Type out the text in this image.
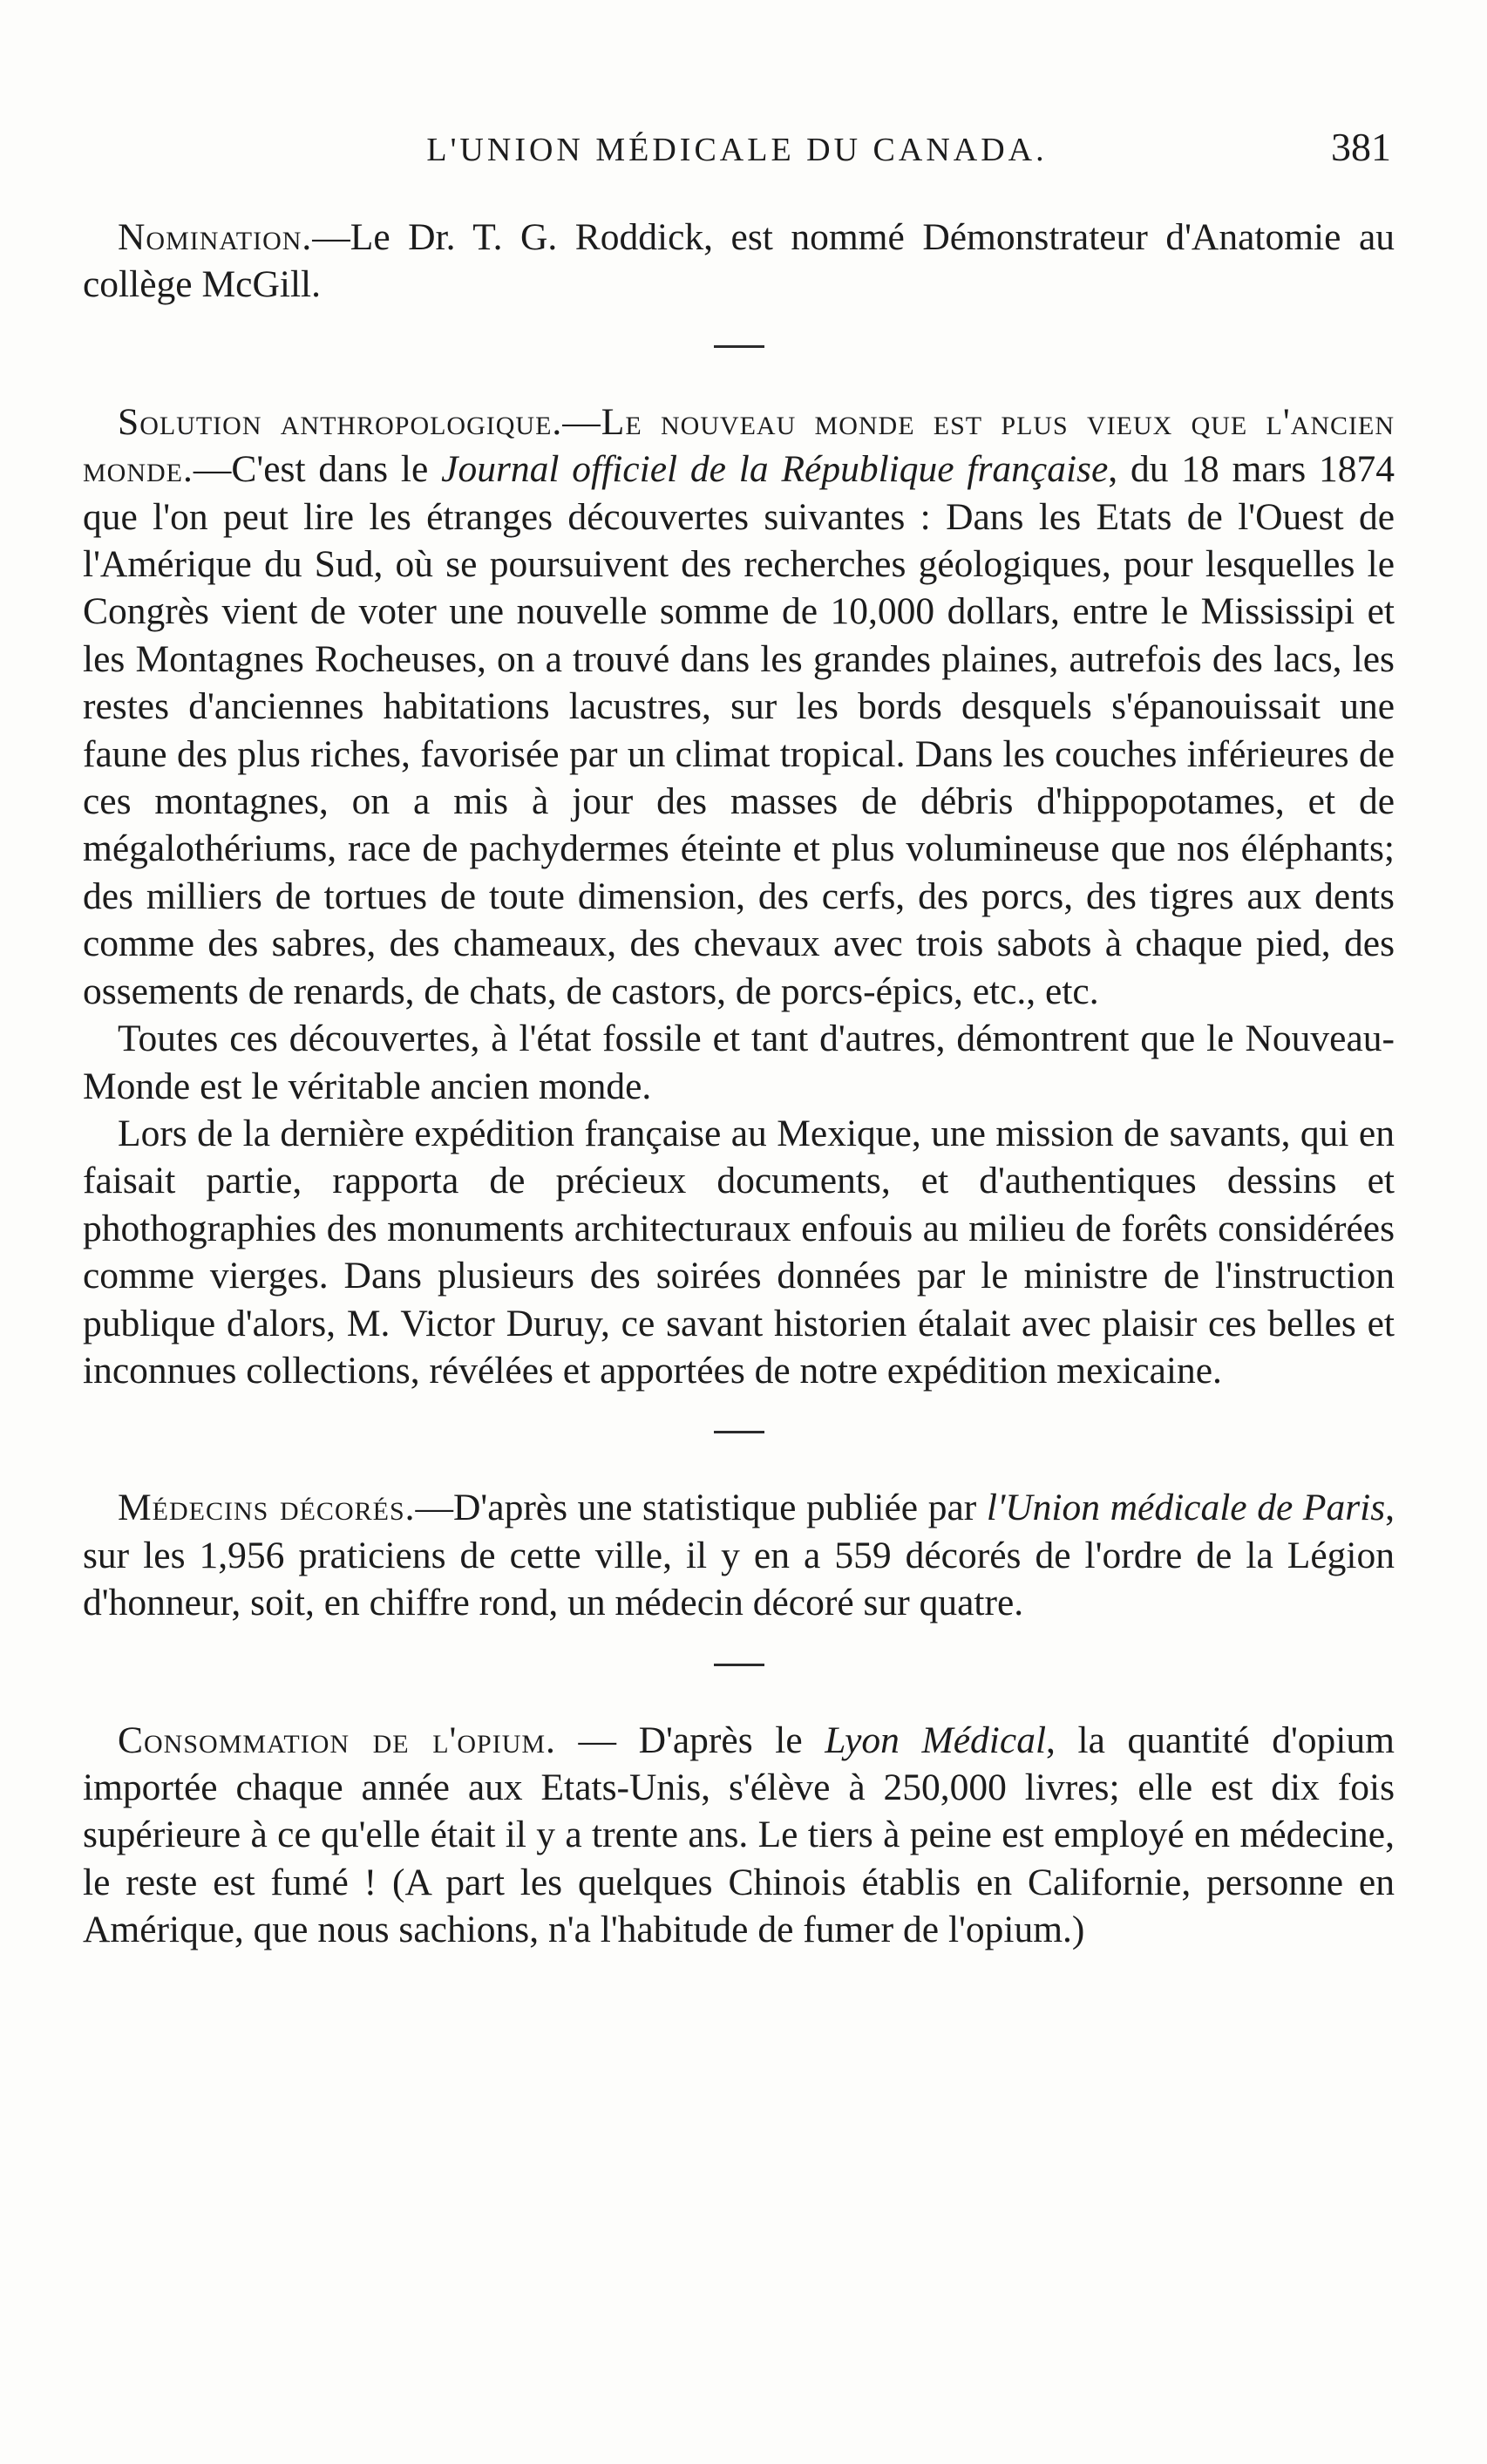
L'UNION MÉDICALE DU CANADA.	381

Nomination.—Le Dr. T. G. Roddick, est nommé Démonstrateur d'Anatomie au collège McGill.

Solution anthropologique.—Le nouveau monde est plus vieux que l'ancien monde.—C'est dans le Journal officiel de la République française, du 18 mars 1874 que l'on peut lire les étranges découvertes suivantes : Dans les Etats de l'Ouest de l'Amérique du Sud, où se poursuivent des recherches géologiques, pour lesquelles le Congrès vient de voter une nouvelle somme de 10,000 dollars, entre le Mississipi et les Montagnes Rocheuses, on a trouvé dans les grandes plaines, autrefois des lacs, les restes d'anciennes habitations lacustres, sur les bords desquels s'épanouissait une faune des plus riches, favorisée par un climat tropical. Dans les couches inférieures de ces montagnes, on a mis à jour des masses de débris d'hippopotames, et de mégalothériums, race de pachydermes éteinte et plus volumineuse que nos éléphants; des milliers de tortues de toute dimension, des cerfs, des porcs, des tigres aux dents comme des sabres, des chameaux, des chevaux avec trois sabots à chaque pied, des ossements de renards, de chats, de castors, de porcs-épics, etc., etc.

Toutes ces découvertes, à l'état fossile et tant d'autres, démontrent que le Nouveau-Monde est le véritable ancien monde.

Lors de la dernière expédition française au Mexique, une mission de savants, qui en faisait partie, rapporta de précieux documents, et d'authentiques dessins et phothographies des monuments architecturaux enfouis au milieu de forêts considérées comme vierges. Dans plusieurs des soirées données par le ministre de l'instruction publique d'alors, M. Victor Duruy, ce savant historien étalait avec plaisir ces belles et inconnues collections, révélées et apportées de notre expédition mexicaine.

Médecins décorés.—D'après une statistique publiée par l'Union médicale de Paris, sur les 1,956 praticiens de cette ville, il y en a 559 décorés de l'ordre de la Légion d'honneur, soit, en chiffre rond, un médecin décoré sur quatre.

Consommation de l'opium. — D'après le Lyon Médical, la quantité d'opium importée chaque année aux Etats-Unis, s'élève à 250,000 livres; elle est dix fois supérieure à ce qu'elle était il y a trente ans. Le tiers à peine est employé en médecine, le reste est fumé ! (A part les quelques Chinois établis en Californie, personne en Amérique, que nous sachions, n'a l'habitude de fumer de l'opium.)
